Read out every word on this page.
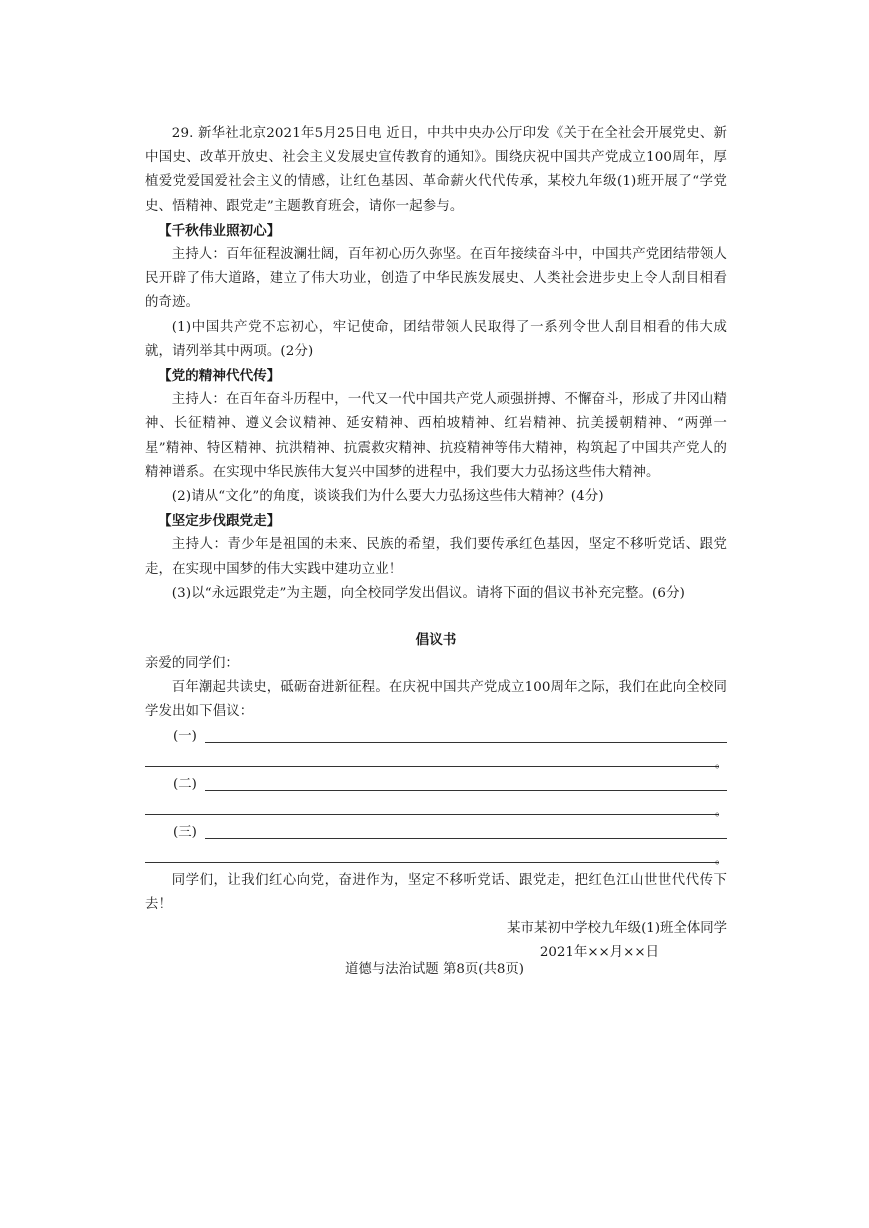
29. 新华社北京2021年5月25日电 近日，中共中央办公厅印发《关于在全社会开展党史、新中国史、改革开放史、社会主义发展史宣传教育的通知》。围绕庆祝中国共产党成立100周年，厚植爱党爱国爱社会主义的情感，让红色基因、革命薪火代代传承，某校九年级(1)班开展了“学党史、悟精神、跟党走”主题教育班会，请你一起参与。

【千秋伟业照初心】

主持人：百年征程波澜壮阔，百年初心历久弥坚。在百年接续奋斗中，中国共产党团结带领人民开辟了伟大道路，建立了伟大功业，创造了中华民族发展史、人类社会进步史上令人刮目相看的奇迹。

(1)中国共产党不忘初心，牢记使命，团结带领人民取得了一系列令世人刮目相看的伟大成就，请列举其中两项。(2分)

【党的精神代代传】

主持人：在百年奋斗历程中，一代又一代中国共产党人顽强拼搏、不懈奋斗，形成了井冈山精神、长征精神、遵义会议精神、延安精神、西柏坡精神、红岩精神、抗美援朝精神、“两弹一星”精神、特区精神、抗洪精神、抗震救灾精神、抗疫精神等伟大精神，构筑起了中国共产党人的精神谱系。在实现中华民族伟大复兴中国梦的进程中，我们要大力弘扬这些伟大精神。

(2)请从“文化”的角度，谈谈我们为什么要大力弘扬这些伟大精神？(4分)

【坚定步伐跟党走】

主持人：青少年是祖国的未来、民族的希望，我们要传承红色基因，坚定不移听党话、跟党走，在实现中国梦的伟大实践中建功立业！

(3)以“永远跟党走”为主题，向全校同学发出倡议。请将下面的倡议书补充完整。(6分)

倡议书

亲爱的同学们：

百年潮起共读史，砥砺奋进新征程。在庆祝中国共产党成立100周年之际，我们在此向全校同学发出如下倡议：

(一)
。
(二)
。
(三)
。

同学们，让我们红心向党，奋进作为，坚定不移听党话、跟党走，把红色江山世世代代传下去！

某市某初中学校九年级(1)班全体同学

2021年××月××日

道德与法治试题 第8页(共8页)
